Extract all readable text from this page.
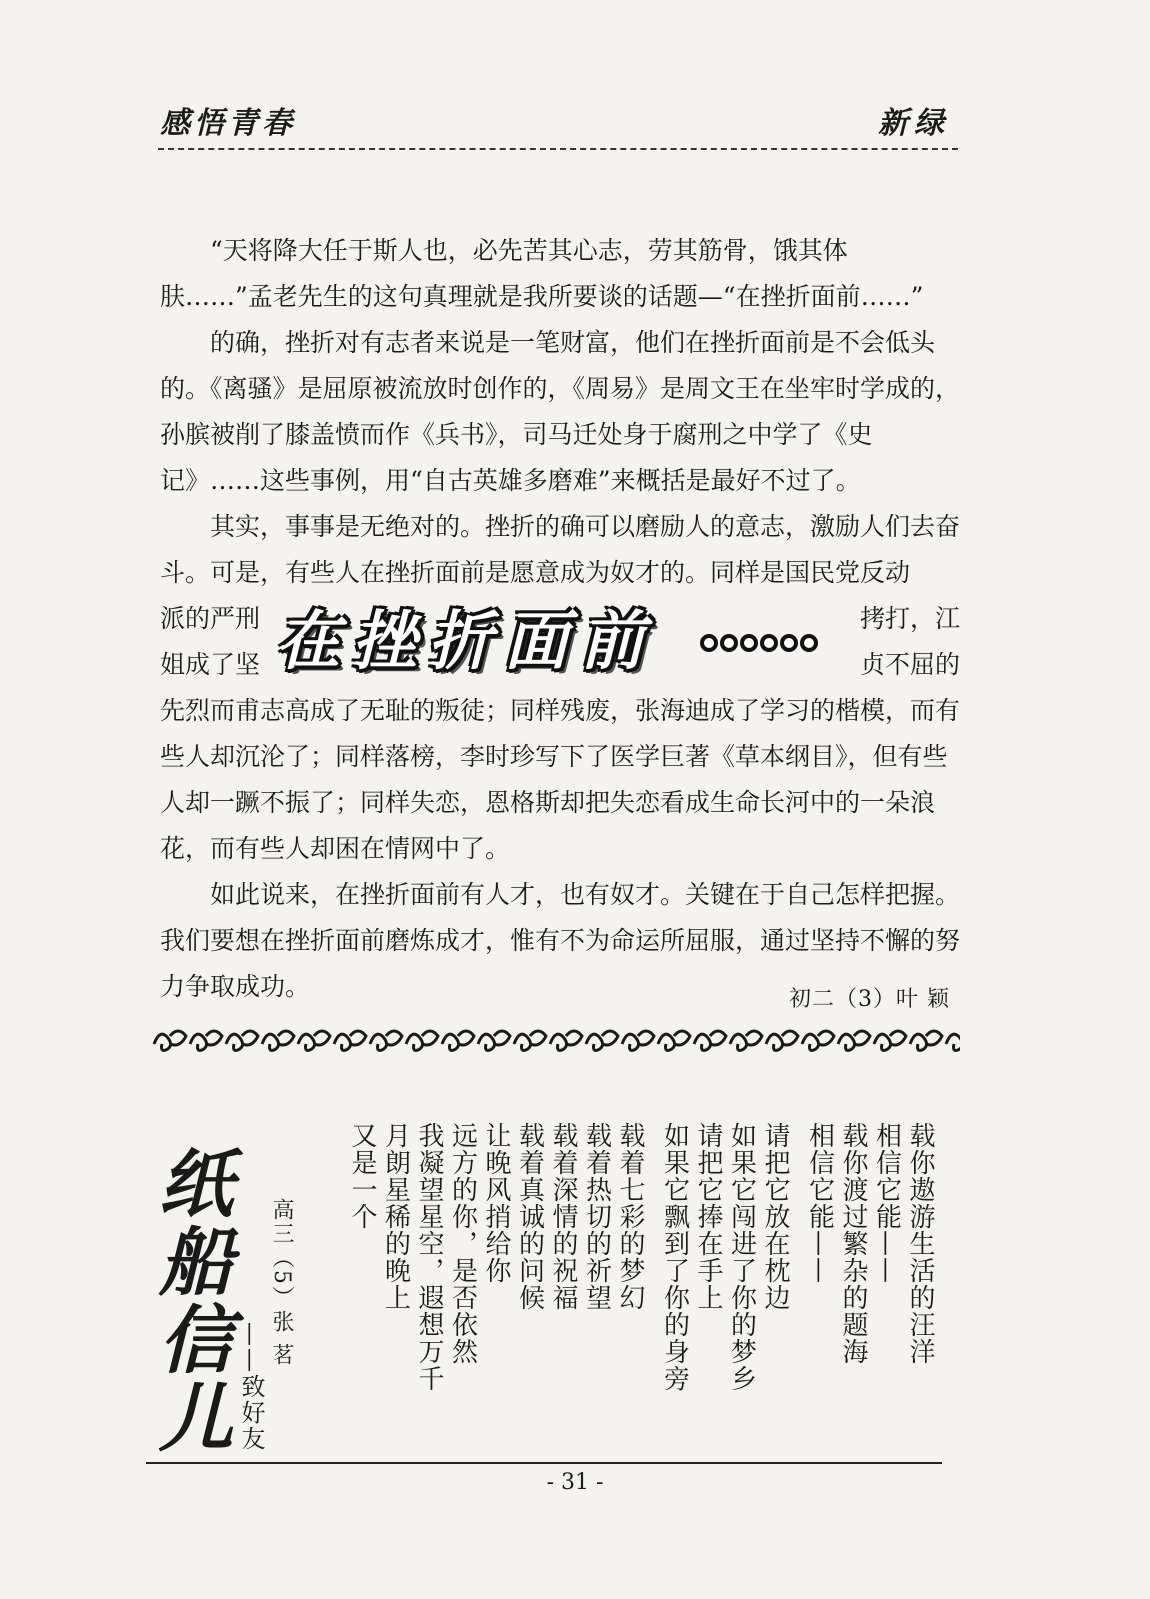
感悟青春	新绿

“天将降大任于斯人也，必先苦其心志，劳其筋骨，饿其体肤……”孟老先生的这句真理就是我所要谈的话题—“在挫折面前……”

的确，挫折对有志者来说是一笔财富，他们在挫折面前是不会低头的。《离骚》是屈原被流放时创作的，《周易》是周文王在坐牢时学成的，孙膑被削了膝盖愤而作《兵书》，司马迁处身于腐刑之中学了《史记》……这些事例，用“自古英雄多磨难”来概括是最好不过了。

其实，事事是无绝对的。挫折的确可以磨励人的意志，激励人们去奋斗。可是，有些人在挫折面前是愿意成为奴才的。同样是国民党反动

派的严刑
姐成了坚 在挫折面前	拷打，江
贞不屈的

先烈而甫志高成了无耻的叛徒；同样残废，张海迪成了学习的楷模，而有些人却沉沦了；同样落榜，李时珍写下了医学巨著《草本纲目》，但有些人却一蹶不振了；同样失恋，恩格斯却把失恋看成生命长河中的一朵浪花，而有些人却困在情网中了。

如此说来，在挫折面前有人才，也有奴才。关键在于自己怎样把握。我们要想在挫折面前磨炼成才，惟有不为命运所屈服，通过坚持不懈的努力争取成功。	初二（3）叶 颖
纸船信儿 ——致好友
高三（5）张 茗	载你遨游生活的汪洋
相信它能——
载你渡过繁杂的题海
相信它能——
请把它放在枕边
如果它闯进了你的梦乡
请把它捧在手上
如果它飘到了你的身旁
载着七彩的梦幻
载着热切的祈望
载着深情的祝福
载着真诚的问候
让晚风捎给你
远方的你，是否依然
我凝望星空，遐想万千
月朗星稀的晚上
又是一个
- 31 -
